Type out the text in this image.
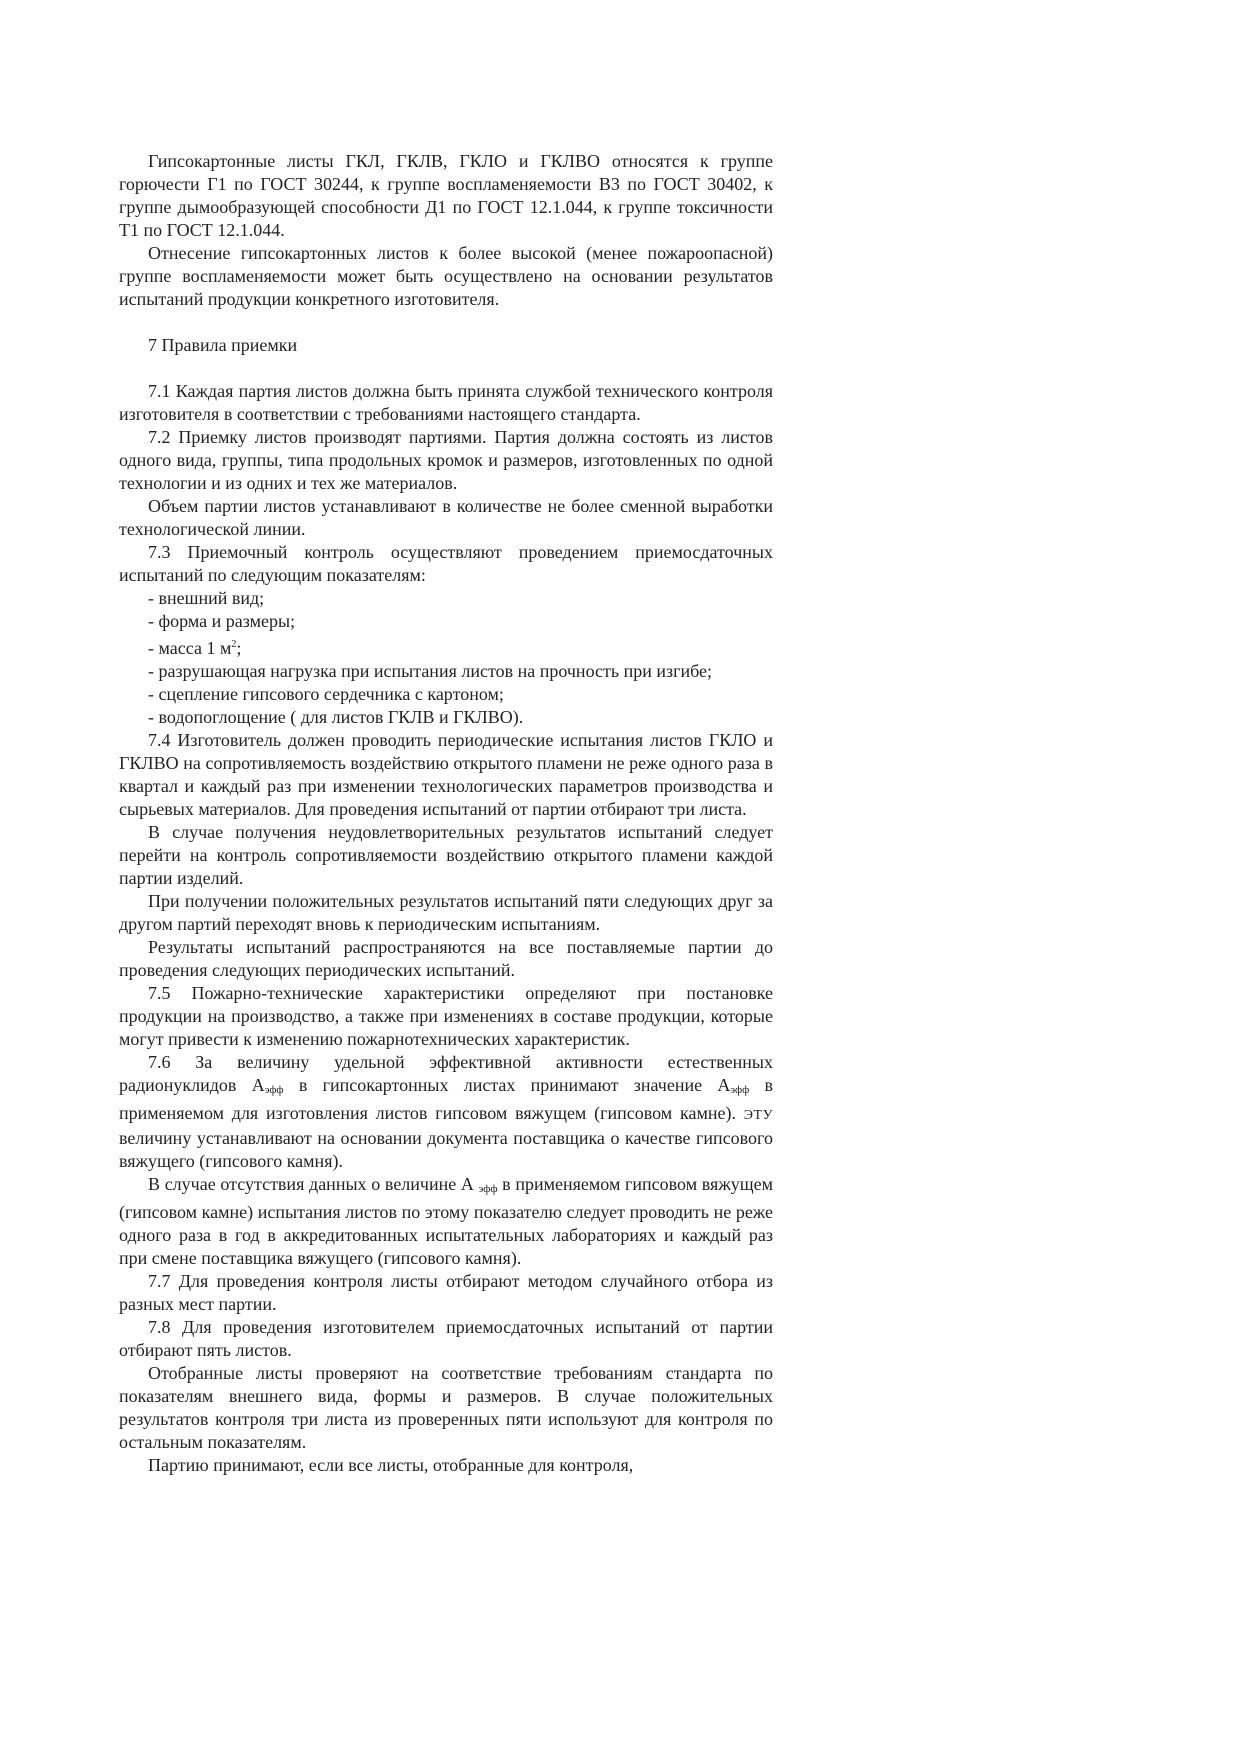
Гипсокартонные листы ГКЛ, ГКЛВ, ГКЛО и ГКЛВО относятся к группе горючести Г1 по ГОСТ 30244, к группе воспламеняемости В3 по ГОСТ 30402, к группе дымообразующей способности Д1 по ГОСТ 12.1.044, к группе токсичности Т1 по ГОСТ 12.1.044.

Отнесение гипсокартонных листов к более высокой (менее пожароопасной) группе воспламеняемости может быть осуществлено на основании результатов испытаний продукции конкретного изготовителя.

7 Правила приемки

7.1 Каждая партия листов должна быть принята службой технического контроля изготовителя в соответствии с требованиями настоящего стандарта.

7.2 Приемку листов производят партиями. Партия должна состоять из листов одного вида, группы, типа продольных кромок и размеров, изготовленных по одной технологии и из одних и тех же материалов.

Объем партии листов устанавливают в количестве не более сменной выработки технологической линии.

7.3 Приемочный контроль осуществляют проведением приемосдаточных испытаний по следующим показателям:

- внешний вид;

- форма и размеры;

- масса 1 $м^2$;

- разрушающая нагрузка при испытания листов на прочность при изгибе;

- сцепление гипсового сердечника с картоном;

- водопоглощение ( для листов ГКЛВ и ГКЛВО).

7.4 Изготовитель должен проводить периодические испытания листов ГКЛО и ГКЛВО на сопротивляемость воздействию открытого пламени не реже одного раза в квартал и каждый раз при изменении технологических параметров производства и сырьевых материалов. Для проведения испытаний от партии отбирают три листа.

В случае получения неудовлетворительных результатов испытаний следует перейти на контроль сопротивляемости воздействию открытого пламени каждой партии изделий.

При получении положительных результатов испытаний пяти следующих друг за другом партий переходят вновь к периодическим испытаниям.

Результаты испытаний распространяются на все поставляемые партии до проведения следующих периодических испытаний.

7.5 Пожарно-технические характеристики определяют при постановке продукции на производство, а также при изменениях в составе продукции, которые могут привести к изменению пожарнотехнических характеристик.

7.6 За величину удельной эффективной активности естественных радионуклидов Аэфф в гипсокартонных листах принимают значение Аэфф в применяемом для изготовления листов гипсовом вяжущем (гипсовом камне). ЭТУ величину устанавливают на основании документа поставщика о качестве гипсового вяжущего (гипсового камня).

В случае отсутствия данных о величине А эфф в применяемом гипсовом вяжущем (гипсовом камне) испытания листов по этому показателю следует проводить не реже одного раза в год в аккредитованных испытательных лабораториях и каждый раз при смене поставщика вяжущего (гипсового камня).

7.7 Для проведения контроля листы отбирают методом случайного отбора из разных мест партии.

7.8 Для проведения изготовителем приемосдаточных испытаний от партии отбирают пять листов.

Отобранные листы проверяют на соответствие требованиям стандарта по показателям внешнего вида, формы и размеров. В случае положительных результатов контроля три листа из проверенных пяти используют для контроля по остальным показателям.

Партию принимают, если все листы, отобранные для контроля,
